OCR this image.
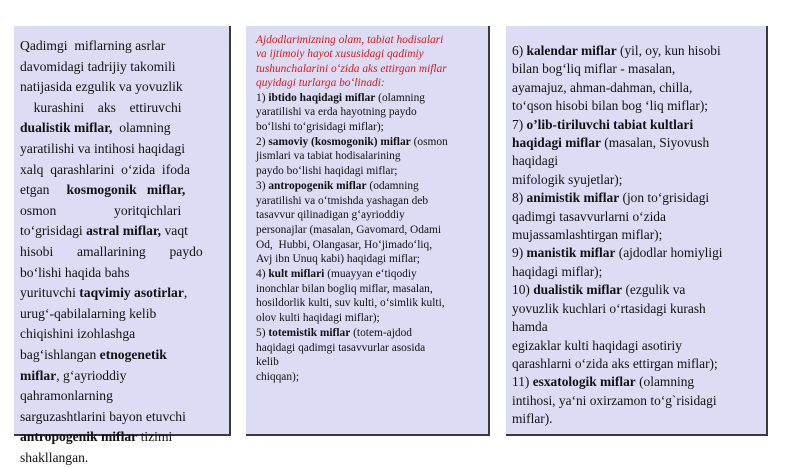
Qadimgi  miflarning asrlar
davomidagi tadrijiy takomili
natijasida ezgulik va yovuzlik
kurashini    aks    ettiruvchi
dualistik miflar,  olamning
yaratilishi va intihosi haqidagi
xalq  qarashlarini  o‘zida  ifoda
etgan     kosmogonik   miflar,
osmon                 yoritqichlari
to‘grisidagi astral miflar, vaqt
hisobi       amallarining       paydo
bo‘lishi haqida bahs
yurituvchi taqvimiy asotirlar,
urug‘-qabilalarning kelib
chiqishini izohlashga
bag‘ishlangan etnogenetik
miflar, g‘ayrioddiy
qahramonlarning
sarguzashtlarini bayon etuvchi
antropogenik miflar tizimi
shakllangan.
Ajdodlarimizning olam, tabiat hodisalari
va ijtimoiy hayot xususidagi qadimiy
tushunchalarini o‘zida aks ettirgan miflar
quyidagi turlarga bo‘linadi:
1) ibtido haqidagi miflar (olamning
yaratilishi va erda hayotning paydo
bo‘lishi to‘grisidagi miflar);
2) samoviy (kosmogonik) miflar (osmon
jismlari va tabiat hodisalarining
paydo bo‘lishi haqidagi miflar;
3) antropogenik miflar (odamning
yaratilishi va o‘tmishda yashagan deb
tasavvur qilinadigan g‘ayrioddiy
personajlar (masalan, Gavomard, Odami
Od,  Hubbi, Olangasar, Ho‘jimado‘liq,
Avj ibn Unuq kabi) haqidagi miflar;
4) kult miflari (muayyan e‘tiqodiy
inonchlar bilan bogliq miflar, masalan,
hosildorlik kulti, suv kulti, o‘simlik kulti,
olov kulti haqidagi miflar);
5) totemistik miflar (totem-ajdod
haqidagi qadimgi tasavvurlar asosida
kelib
chiqqan);
6) kalendar miflar (yil, oy, kun hisobi
bilan bog‘liq miflar - masalan,
ayamajuz, ahman-dahman, chilla,
to‘qson hisobi bilan bog ‘liq miflar);
7) o’lib-tiriluvchi tabiat kultlari
haqidagi miflar (masalan, Siyovush
haqidagi
mifologik syujetlar);
8) animistik miflar (jon to‘grisidagi
qadimgi tasavvurlarni o‘zida
mujassamlashtirgan miflar);
9) manistik miflar (ajdodlar homiyligi
haqidagi miflar);
10) dualistik miflar (ezgulik va
yovuzlik kuchlari o‘rtasidagi kurash
hamda
egizaklar kulti haqidagi asotiriy
qarashlarni o‘zida aks ettirgan miflar);
11) esxatologik miflar (olamning
intihosi, ya‘ni oxirzamon to‘g`risidagi
miflar).
